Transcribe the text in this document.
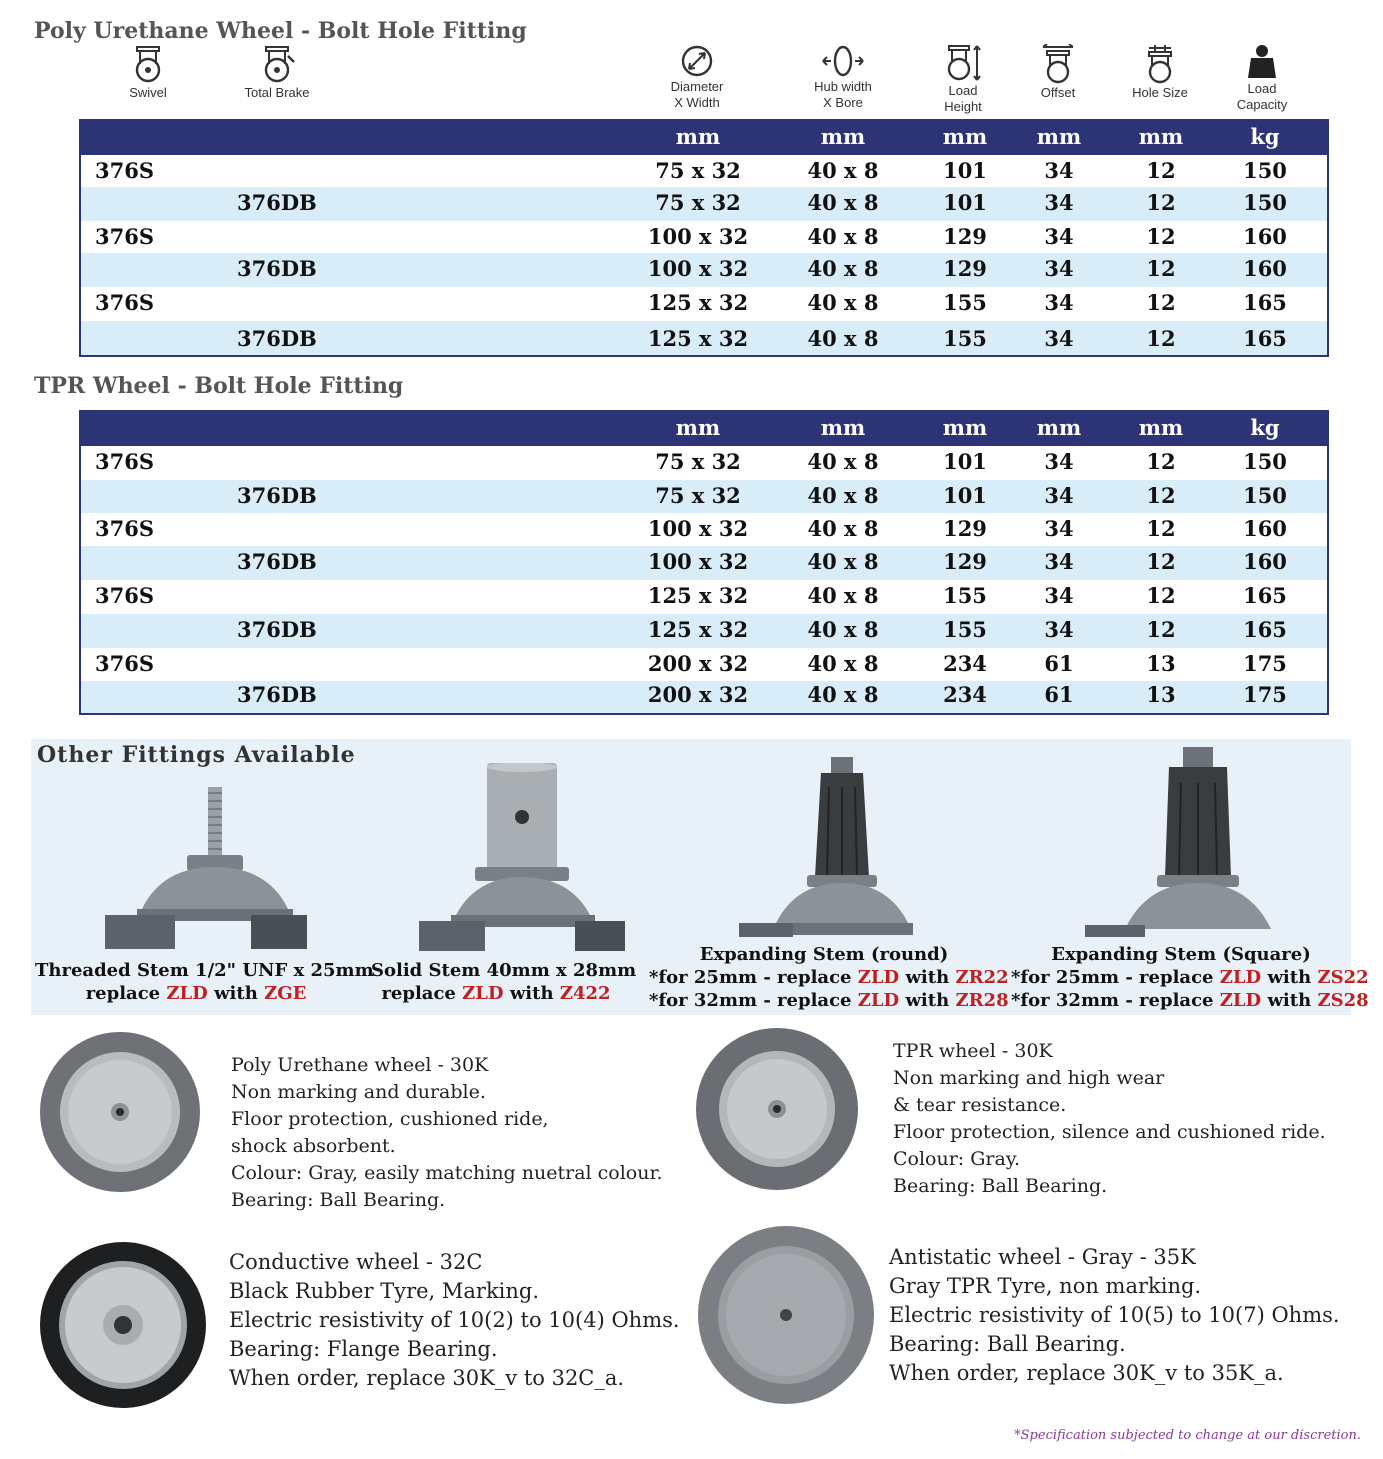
Poly Urethane Wheel - Bolt Hole Fitting
Swivel	Total Brake	Diameter
X Width
Hub width
X Bore
Load
Height
Offset	Hole Size	Load
Capacity
mm	mm	mm mm	mm	kg
376S	75 x 32	40 x 8	101	34	12	150
376DB	75 x 32	40 x 8	101	34	12	150
376S	100 x 32	40 x 8	129	34	12	160
376DB	100 x 32	40 x 8	129	34	12	160
376S	125 x 32	40 x 8	155	34	12	165
376DB	125 x 32	40 x 8	155	34	12	165
TPR Wheel - Bolt Hole Fitting
mm	mm	mm mm	mm	kg
376S	75 x 32	40 x 8	101	34	12	150
376DB	75 x 32	40 x 8	101	34	12	150
376S	100 x 32	40 x 8	129	34	12	160
376DB	100 x 32	40 x 8	129	34	12	160
376S	125 x 32	40 x 8	155	34	12	165
376DB	125 x 32	40 x 8	155	34	12	165
376S	200 x 32	40 x 8	234	61	13	175
376DB	200 x 32	40 x 8	234	61	13	175
Other Fittings Available
Threaded Stem 1/2" UNF x 25mm
replace ZLD with ZGE
Solid Stem 40mm x 28mm
replace ZLD with Z422
Expanding Stem (round)
*for 25mm - replace ZLD with ZR22
*for 32mm - replace ZLD with ZR28
Expanding Stem (Square)
*for 25mm - replace ZLD with ZS22
*for 32mm - replace ZLD with ZS28
Poly Urethane wheel - 30K
Non marking and durable.
Floor protection, cushioned ride,
shock absorbent.
Colour: Gray, easily matching nuetral colour.
Bearing: Ball Bearing.
TPR wheel - 30K
Non marking and high wear
& tear resistance.
Floor protection, silence and cushioned ride.
Colour: Gray.
Bearing: Ball Bearing.
Conductive wheel - 32C
Black Rubber Tyre, Marking.
Electric resistivity of 10(2) to 10(4) Ohms.
Bearing: Flange Bearing.
When order, replace 30K_v to 32C_a.
Antistatic wheel - Gray - 35K
Gray TPR Tyre, non marking.
Electric resistivity of 10(5) to 10(7) Ohms.
Bearing: Ball Bearing.
When order, replace 30K_v to 35K_a.
*Specification subjected to change at our discretion.
